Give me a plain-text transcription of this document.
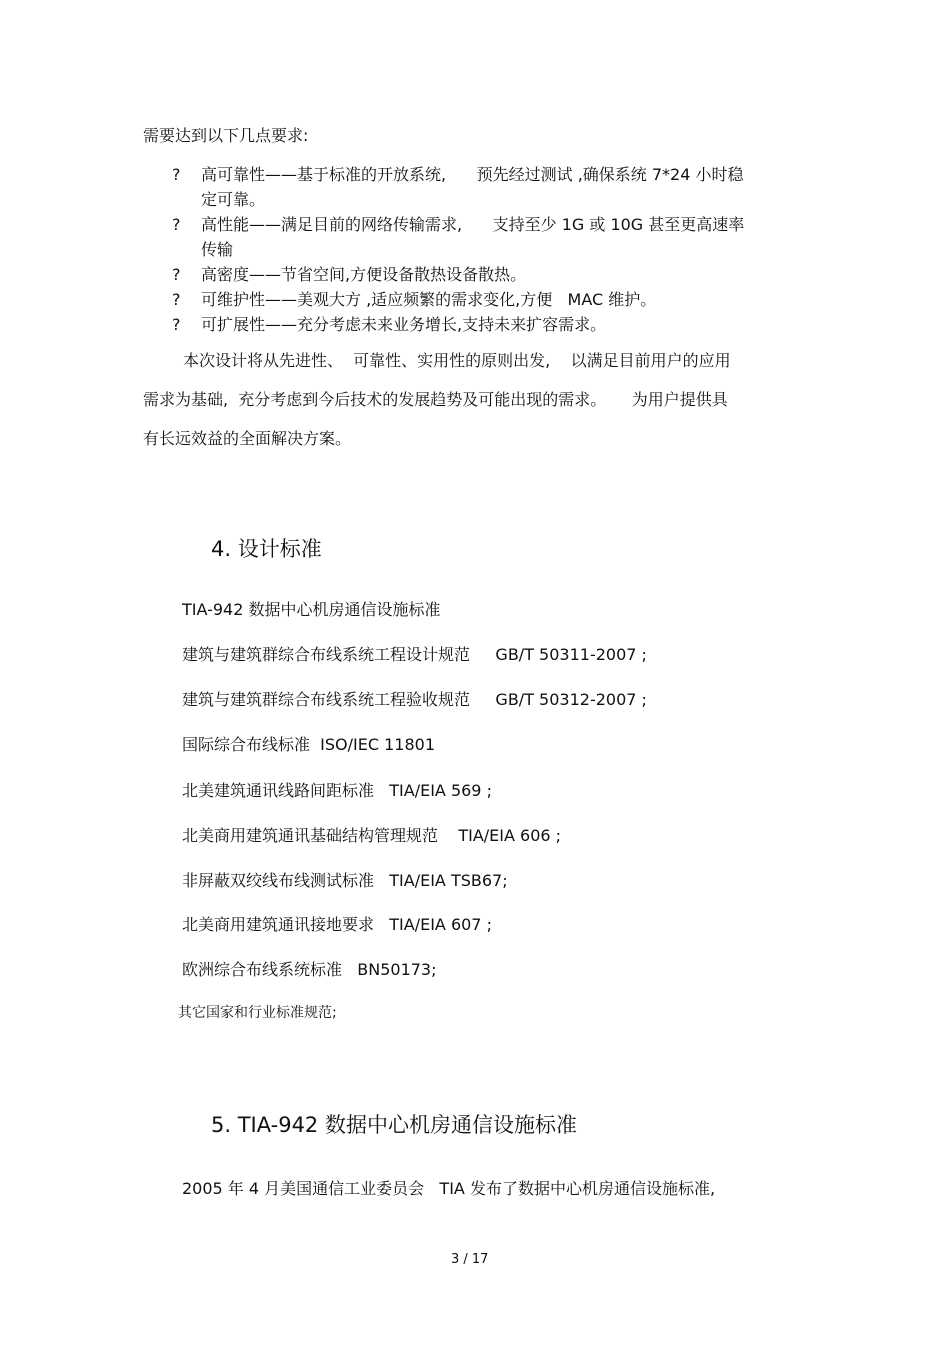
需要达到以下几点要求:
? 高可靠性——基于标准的开放系统,      预先经过测试 ,确保系统 7*24 小时稳
定可靠。
? 高性能——满足目前的网络传输需求,      支持至少 1G 或 10G 甚至更高速率
传输
? 高密度——节省空间,方便设备散热设备散热。
? 可维护性——美观大方 ,适应频繁的需求变化,方便   MAC 维护。
? 可扩展性——充分考虑未来业务增长,支持未来扩容需求。
本次设计将从先进性、  可靠性、实用性的原则出发,    以满足目前用户的应用
需求为基础,  充分考虑到今后技术的发展趋势及可能出现的需求。     为用户提供具
有长远效益的全面解决方案。
4. 设计标准
TIA-942 数据中心机房通信设施标准
建筑与建筑群综合布线系统工程设计规范     GB∕T 50311-2007 ;
建筑与建筑群综合布线系统工程验收规范     GB∕T 50312-2007 ;
国际综合布线标准  ISO/IEC 11801
北美建筑通讯线路间距标准   TIA/EIA 569 ;
北美商用建筑通讯基础结构管理规范    TIA/EIA 606 ;
非屏蔽双绞线布线测试标准   TIA/EIA TSB67;
北美商用建筑通讯接地要求   TIA/EIA 607 ;
欧洲综合布线系统标准   BN50173;
其它国家和行业标准规范;
5. TIA-942 数据中心机房通信设施标准
2005 年 4 月美国通信工业委员会   TIA 发布了数据中心机房通信设施标准,
3 / 17
